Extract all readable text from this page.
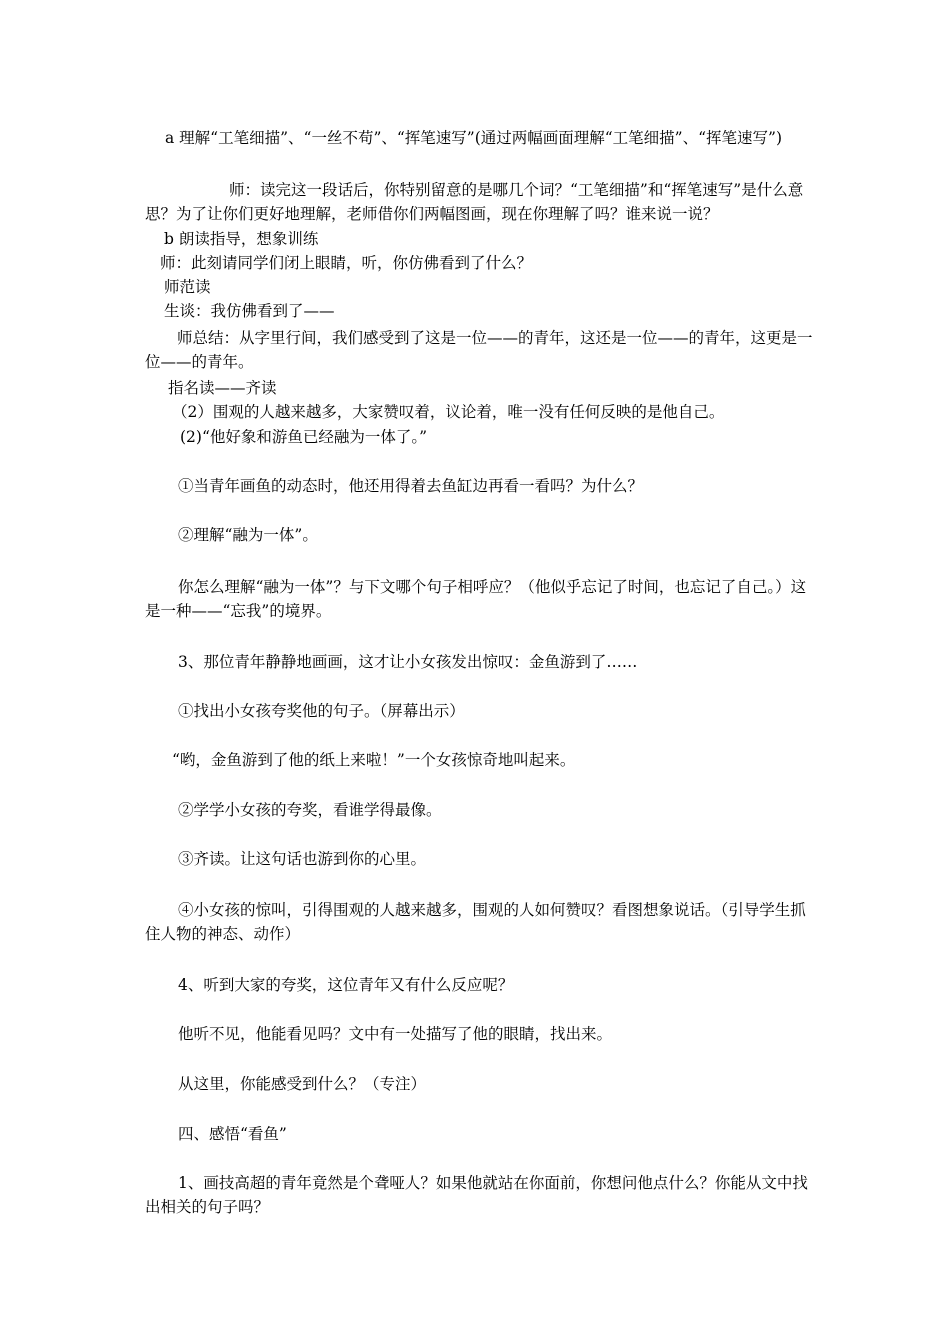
a 理解“工笔细描”、“一丝不苟”、“挥笔速写”(通过两幅画面理解“工笔细描”、“挥笔速写”)
师：读完这一段话后，你特别留意的是哪几个词？“工笔细描”和“挥笔速写”是什么意思？为了让你们更好地理解，老师借你们两幅图画，现在你理解了吗？谁来说一说？
b 朗读指导，想象训练
师：此刻请同学们闭上眼睛，听，你仿佛看到了什么？
师范读
生谈：我仿佛看到了——
师总结：从字里行间，我们感受到了这是一位——的青年，这还是一位——的青年，这更是一位——的青年。
指名读——齐读
（2）围观的人越来越多，大家赞叹着，议论着，唯一没有任何反映的是他自己。
(2)“他好象和游鱼已经融为一体了。”
①当青年画鱼的动态时，他还用得着去鱼缸边再看一看吗？为什么？
②理解“融为一体”。
你怎么理解“融为一体”？与下文哪个句子相呼应？（他似乎忘记了时间，也忘记了自己。）这是一种——“忘我”的境界。
3、那位青年静静地画画，这才让小女孩发出惊叹：金鱼游到了……
①找出小女孩夸奖他的句子。（屏幕出示）
“哟，金鱼游到了他的纸上来啦！”一个女孩惊奇地叫起来。
②学学小女孩的夸奖，看谁学得最像。
③齐读。让这句话也游到你的心里。
④小女孩的惊叫，引得围观的人越来越多，围观的人如何赞叹？看图想象说话。（引导学生抓住人物的神态、动作）
4、听到大家的夸奖，这位青年又有什么反应呢？
他听不见，他能看见吗？文中有一处描写了他的眼睛，找出来。
从这里，你能感受到什么？（专注）
四、感悟“看鱼”
1、画技高超的青年竟然是个聋哑人？如果他就站在你面前，你想问他点什么？你能从文中找出相关的句子吗？
